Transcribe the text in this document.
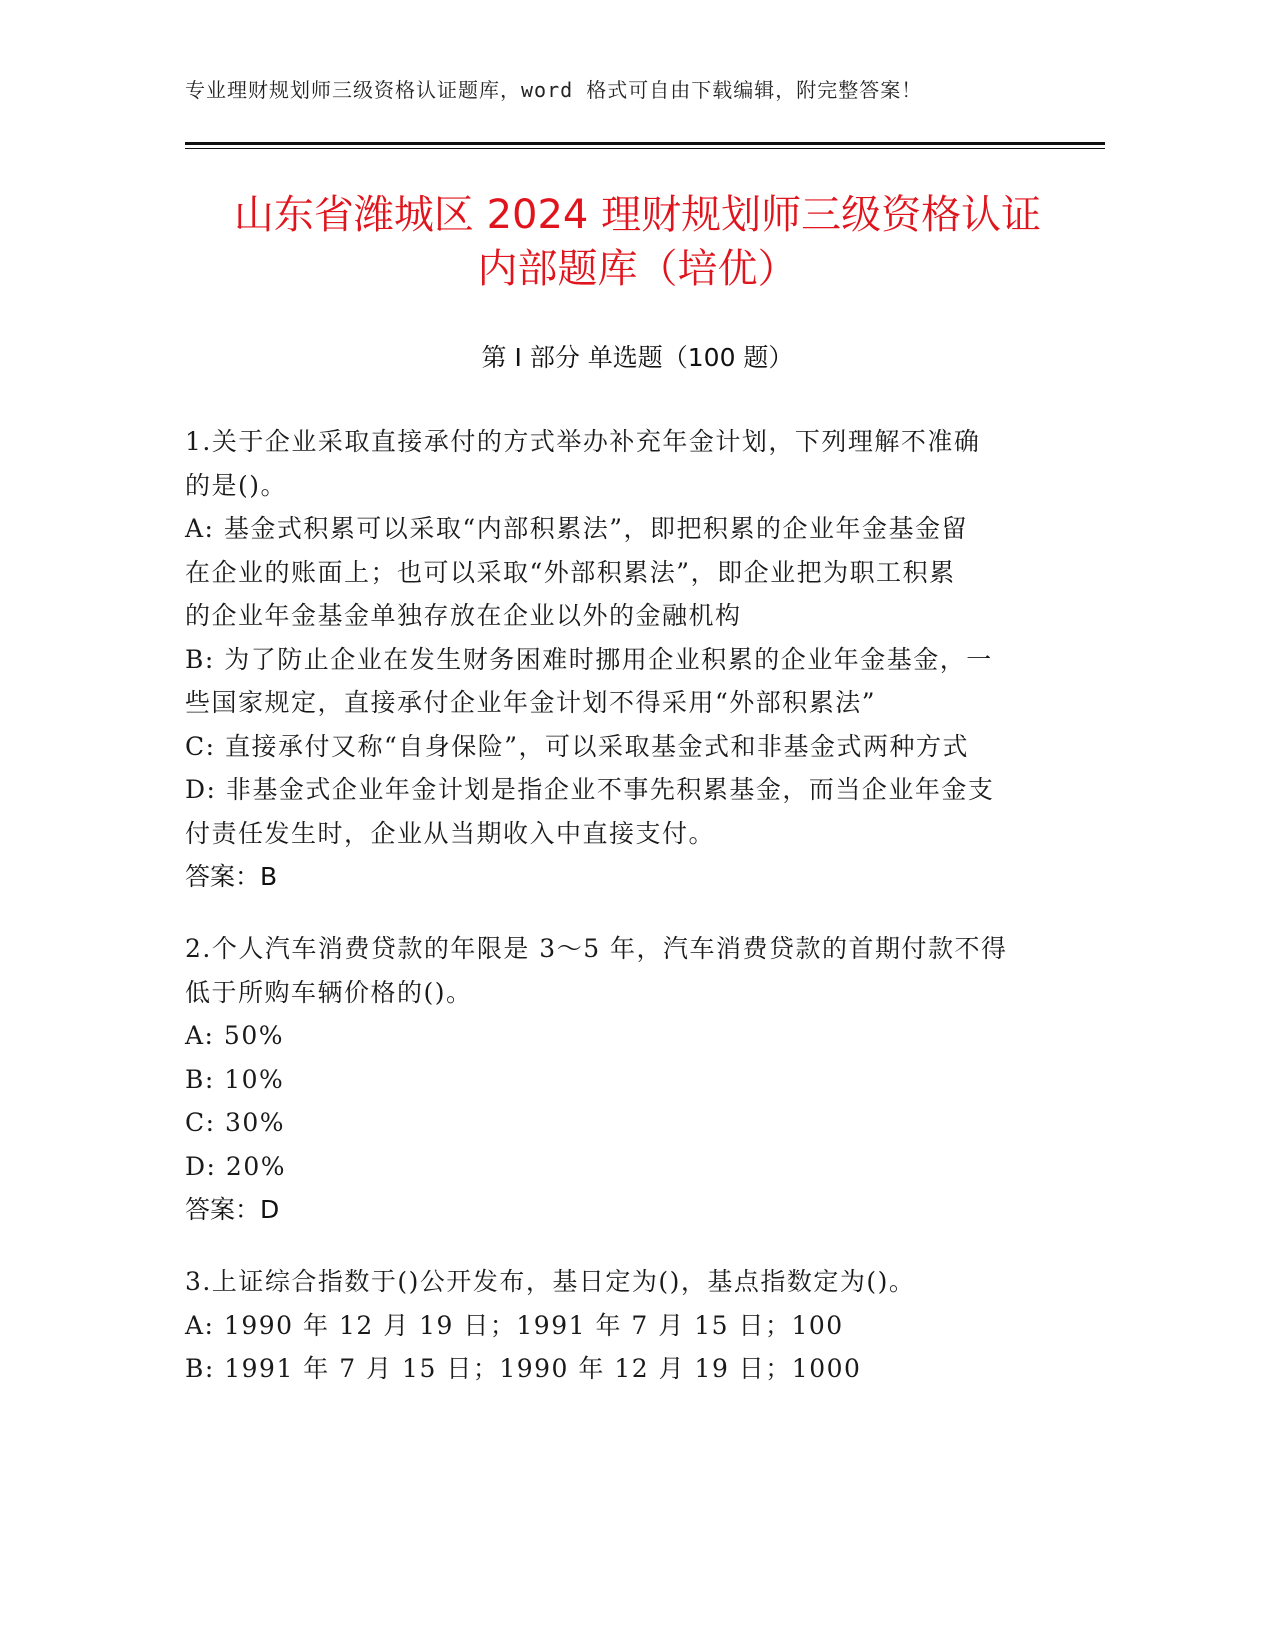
专业理财规划师三级资格认证题库，word 格式可自由下载编辑，附完整答案！
山东省潍城区 2024 理财规划师三级资格认证
内部题库（培优）
第 I 部分 单选题（100 题）

1.关于企业采取直接承付的方式举办补充年金计划，下列理解不准确

的是()。

A: 基金式积累可以采取“内部积累法”，即把积累的企业年金基金留

在企业的账面上；也可以采取“外部积累法”，即企业把为职工积累

的企业年金基金单独存放在企业以外的金融机构

B: 为了防止企业在发生财务困难时挪用企业积累的企业年金基金，一

些国家规定，直接承付企业年金计划不得采用“外部积累法”

C: 直接承付又称“自身保险”，可以采取基金式和非基金式两种方式

D: 非基金式企业年金计划是指企业不事先积累基金，而当企业年金支

付责任发生时，企业从当期收入中直接支付。

答案：B

2.个人汽车消费贷款的年限是 3～5 年，汽车消费贷款的首期付款不得

低于所购车辆价格的()。

A: 50%

B: 10%

C: 30%

D: 20%

答案：D

3.上证综合指数于()公开发布，基日定为()，基点指数定为()。

A: 1990 年 12 月 19 日；1991 年 7 月 15 日；100

B: 1991 年 7 月 15 日；1990 年 12 月 19 日；1000
